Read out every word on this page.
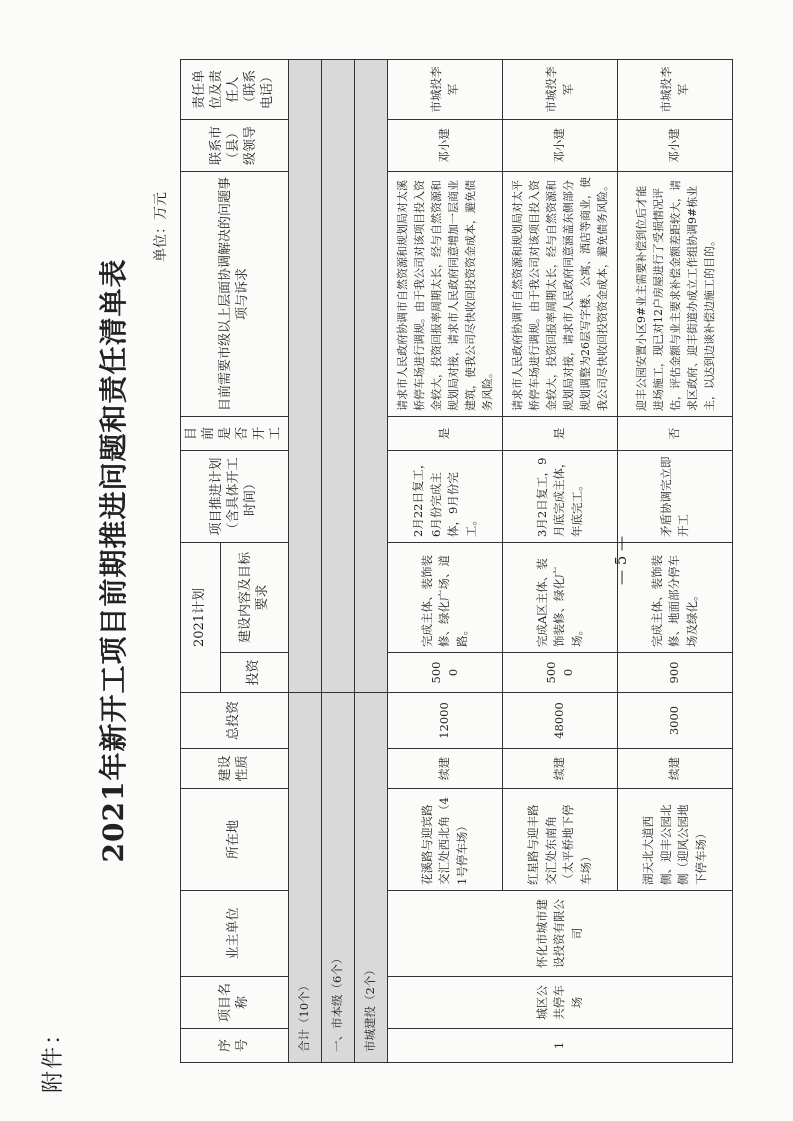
附件：
2021年新开工项目前期推进问题和责任清单表
单位：万元
序号	项目名称	业主单位	所在地	建设性质	总投资	2021计划		项目推进计划（含具体开工时间）	目前是否开工	目前需要市级以上层面协调解决的问题事项与诉求	联系市（县）级领导	责任单位及责任人（联系电话）
						投资	建设内容及目标要求					
合计（10个）												
一、市本级（6个）												
市城建投（2个）												
1	城区公共停车场	怀化市城市建设投资有限公司	花溪路与迎宾路交汇处西北角（41号停车场）	续建	12000	5000	完成主体、装饰装修、绿化广场、道路。	2月22日复工，6月份完成主体，9月份完工。	是	请求市人民政府协调市自然资源和规划局对太溪桥停车场进行调规。由于我公司对该项目投入资金较大，投资回报率周期太长，经与自然资源和规划局对接，请求市人民政府同意增加一层商业建筑，使我公司尽快收回投资资金成本，避免债务风险。	邓小建	市城投李军
			红星路与迎丰路交汇处东南角（太平桥地下停车场）	续建	48000	5000	完成A区主体、装饰装修、绿化广场。	3月2日复工，9月底完成主体，年底完工。	是	请求市人民政府协调市自然资源和规划局对太平桥停车场进行调规。由于我公司对该项目投入资金较大，投资回报率周期太长，经与自然资源和规划局对接，请求市人民政府同意涵盖东侧部分规划调整为26层写字楼、公寓、酒店等商业，使我公司尽快收回投资资金成本，避免债务风险。	邓小建	市城投李军
			湖天北大道西侧、迎丰公园北侧（迎风公园地下停车场）	续建	3000	900	完成主体、装饰装修、地面部分停车场及绿化。	矛盾协调完立即开工	否	迎丰公园安置小区9#业主需要补偿到位后才能进场施工，现已对12户房屋进行了受损情况评估，评估金额与业主要求补偿金额差距较大，请求区政府、迎丰街道办成立工作组协调9#栋业主，以达到边谈补偿边施工的目的。	邓小建	市城投李军
— 5 —
